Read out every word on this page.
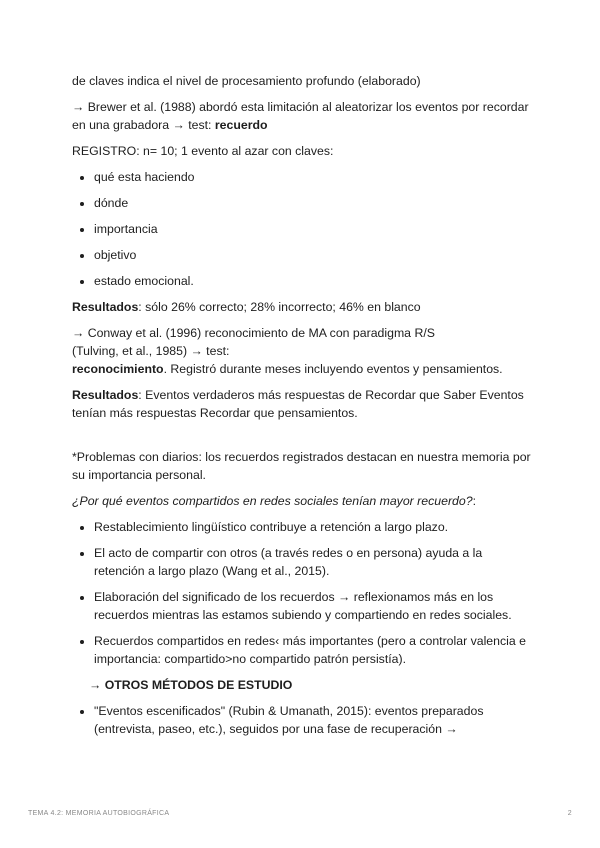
de claves indica el nivel de procesamiento profundo (elaborado)

→ Brewer et al. (1988) abordó esta limitación al aleatorizar los eventos por recordar en una grabadora → test: recuerdo

REGISTRO: n= 10; 1 evento al azar con claves:

• qué esta haciendo
• dónde
• importancia
• objetivo
• estado emocional.

Resultados: sólo 26% correcto; 28% incorrecto; 46% en blanco

→ Conway et al. (1996) reconocimiento de MA con paradigma R/S
(Tulving, et al., 1985) → test:
reconocimiento. Registró durante meses incluyendo eventos y pensamientos.

Resultados: Eventos verdaderos más respuestas de Recordar que Saber Eventos tenían más respuestas Recordar que pensamientos.

*Problemas con diarios: los recuerdos registrados destacan en nuestra memoria por su importancia personal.

¿Por qué eventos compartidos en redes sociales tenían mayor recuerdo?:

• Restablecimiento lingüístico contribuye a retención a largo plazo.
• El acto de compartir con otros (a través redes o en persona) ayuda a la retención a largo plazo (Wang et al., 2015).
• Elaboración del significado de los recuerdos → reflexionamos más en los recuerdos mientras las estamos subiendo y compartiendo en redes sociales.
• Recuerdos compartidos en redes‹ más importantes (pero a controlar valencia e importancia: compartido>no compartido patrón persistía).

→ OTROS MÉTODOS DE ESTUDIO

• "Eventos escenificados" (Rubin & Umanath, 2015): eventos preparados (entrevista, paseo, etc.), seguidos por una fase de recuperación →
TEMA 4.2: MEMORIA AUTOBIOGRÁFICA	2
